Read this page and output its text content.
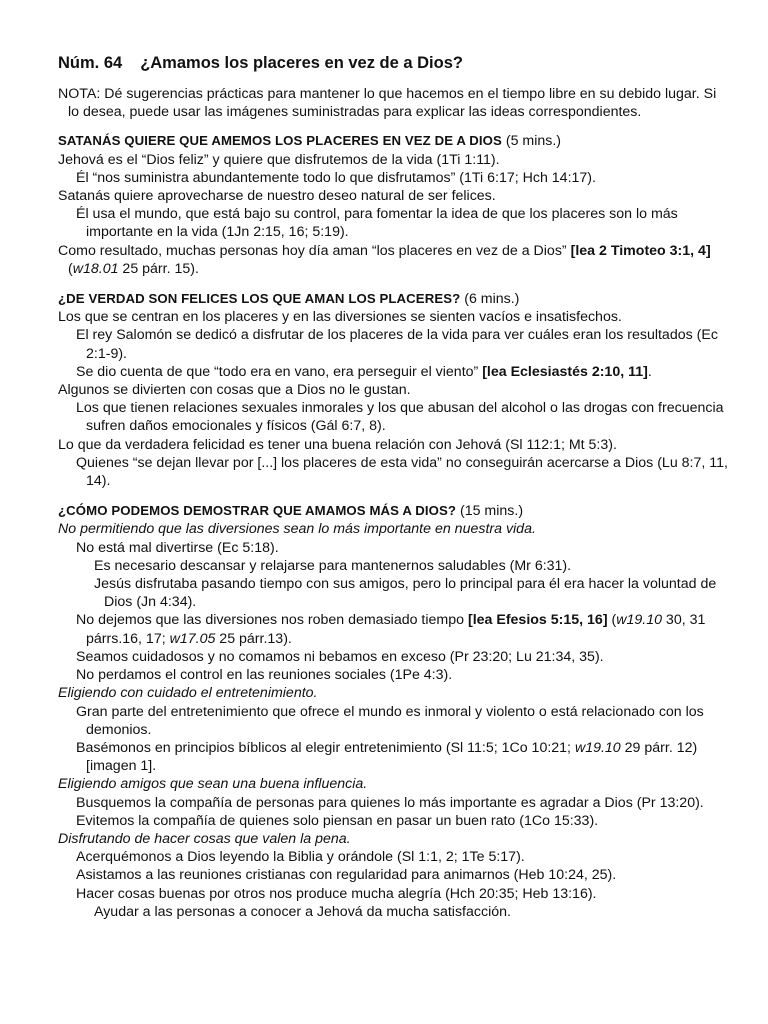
Núm. 64 ¿Amamos los placeres en vez de a Dios?

NOTA: Dé sugerencias prácticas para mantener lo que hacemos en el tiempo libre en su debido lugar. Si lo desea, puede usar las imágenes suministradas para explicar las ideas correspondientes.

SATANÁS QUIERE QUE AMEMOS LOS PLACERES EN VEZ DE A DIOS (5 mins.)

Jehová es el “Dios feliz” y quiere que disfrutemos de la vida (1Ti 1:11).

Él “nos suministra abundantemente todo lo que disfrutamos” (1Ti 6:17; Hch 14:17).

Satanás quiere aprovecharse de nuestro deseo natural de ser felices.

Él usa el mundo, que está bajo su control, para fomentar la idea de que los placeres son lo más importante en la vida (1Jn 2:15, 16; 5:19).

Como resultado, muchas personas hoy día aman “los placeres en vez de a Dios” [lea 2 Timoteo 3:1, 4] (w18.01 25 párr. 15).

¿DE VERDAD SON FELICES LOS QUE AMAN LOS PLACERES? (6 mins.)

Los que se centran en los placeres y en las diversiones se sienten vacíos e insatisfechos.

El rey Salomón se dedicó a disfrutar de los placeres de la vida para ver cuáles eran los resultados (Ec 2:1-9).

Se dio cuenta de que “todo era en vano, era perseguir el viento” [lea Eclesiastés 2:10, 11].

Algunos se divierten con cosas que a Dios no le gustan.

Los que tienen relaciones sexuales inmorales y los que abusan del alcohol o las drogas con frecuencia sufren daños emocionales y físicos (Gál 6:7, 8).

Lo que da verdadera felicidad es tener una buena relación con Jehová (Sl 112:1; Mt 5:3).

Quienes “se dejan llevar por [...] los placeres de esta vida” no conseguirán acercarse a Dios (Lu 8:7, 11, 14).

¿CÓMO PODEMOS DEMOSTRAR QUE AMAMOS MÁS A DIOS? (15 mins.)

No permitiendo que las diversiones sean lo más importante en nuestra vida.

No está mal divertirse (Ec 5:18).

Es necesario descansar y relajarse para mantenernos saludables (Mr 6:31).

Jesús disfrutaba pasando tiempo con sus amigos, pero lo principal para él era hacer la voluntad de Dios (Jn 4:34).

No dejemos que las diversiones nos roben demasiado tiempo [lea Efesios 5:15, 16] (w19.10 30, 31 párrs.16, 17; w17.05 25 párr.13).

Seamos cuidadosos y no comamos ni bebamos en exceso (Pr 23:20; Lu 21:34, 35).

No perdamos el control en las reuniones sociales (1Pe 4:3).

Eligiendo con cuidado el entretenimiento.

Gran parte del entretenimiento que ofrece el mundo es inmoral y violento o está relacionado con los demonios.

Basémonos en principios bíblicos al elegir entretenimiento (Sl 11:5; 1Co 10:21; w19.10 29 párr. 12) [imagen 1].

Eligiendo amigos que sean una buena influencia.

Busquemos la compañía de personas para quienes lo más importante es agradar a Dios (Pr 13:20).

Evitemos la compañía de quienes solo piensan en pasar un buen rato (1Co 15:33).

Disfrutando de hacer cosas que valen la pena.

Acerquémonos a Dios leyendo la Biblia y orándole (Sl 1:1, 2; 1Te 5:17).

Asistamos a las reuniones cristianas con regularidad para animarnos (Heb 10:24, 25).

Hacer cosas buenas por otros nos produce mucha alegría (Hch 20:35; Heb 13:16).

Ayudar a las personas a conocer a Jehová da mucha satisfacción.
